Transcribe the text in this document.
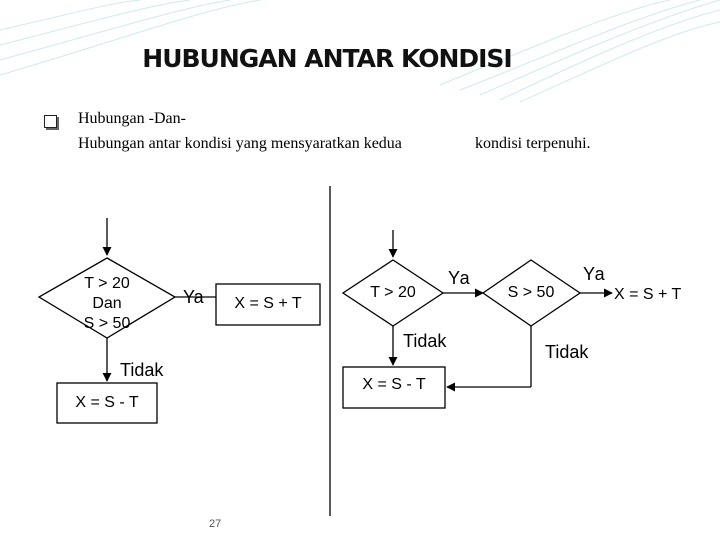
HUBUNGAN ANTAR KONDISI
Hubungan -Dan-
Hubungan antar kondisi yang mensyaratkan kedua	kondisi terpenuhi.
T > 20
Dan
S > 50
Ya	X = S + T
Tidak
X = S - T
T > 20
Ya
Tidak
S > 50
Ya
Tidak
X = S - T
X = S + T
27
